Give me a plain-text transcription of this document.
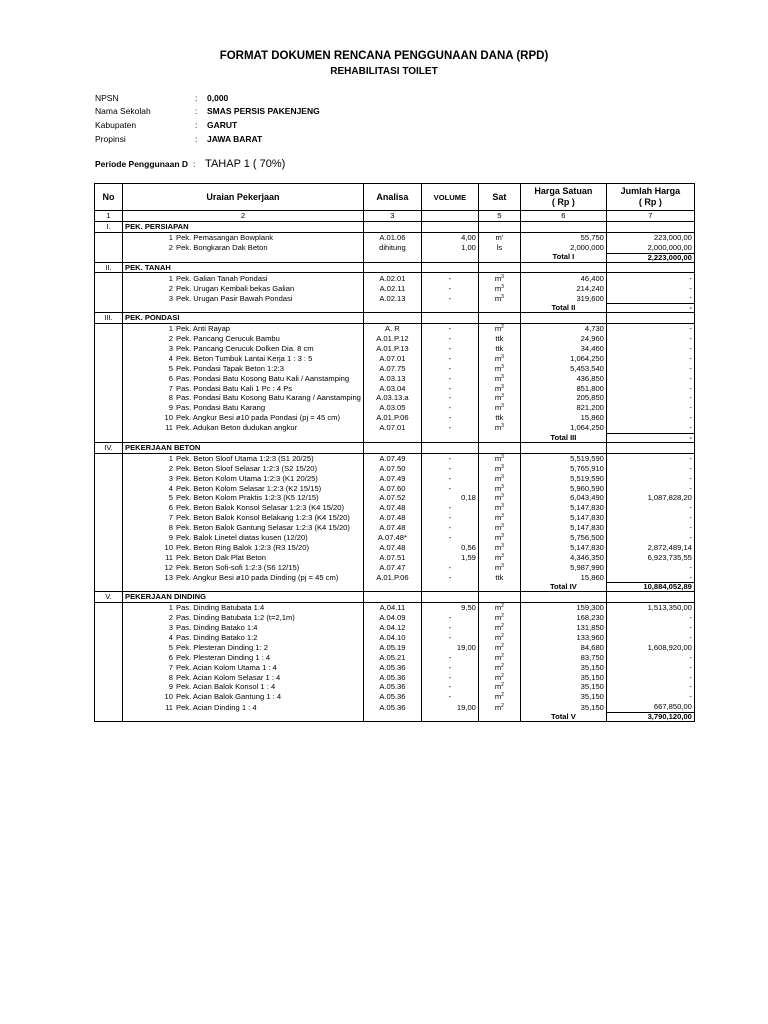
FORMAT DOKUMEN RENCANA PENGGUNAAN DANA (RPD)
REHABILITASI TOILET
NPSN	: 0,000
Nama Sekolah	: SMAS PERSIS PAKENJENG
Kabupaten	: GARUT
Propinsi	: JAWA BARAT
Periode Penggunaan D : TAHAP 1 ( 70%)
No	Uraian Pekerjaan	Analisa	VOLUME	Sat	Harga Satuan
( Rp )	Jumlah Harga
( Rp )
1	2	3		5	6	7
I.	PEK. PERSIAPAN					
	1 Pek. Pemasangan Bowplank	A.01.06	4,00	m'	55,750	223,000,00
	2 Pek. Bongkaran Dak Beton	dihitung	1,00	ls	2,000,000	2,000,000,00
					Total I	2,223,000,00
II.	PEK. TANAH					
	1 Pek. Galian Tanah Pondasi	A.02.01	-	$m^3$	46,400	-
	2 Pek. Urugan Kembali bekas Galian	A.02.11	-	$m^3$	214,240	-
	3 Pek. Urugan Pasir Bawah Pondasi	A.02.13	-	$m^3$	319,600	-
					Total II	-
III.	PEK. PONDASI					
	1 Pek. Anti Rayap	A. R	-	$m^2$	4,730	-
	2 Pek. Pancang Cerucuk Bambu	A.01.P.12	-	ttk	24,960	-
	3 Pek. Pancang Cerucuk Dolken Dia. 8 cm	A.01.P.13	-	ttk	34,460	-
	4 Pek. Beton Tumbuk Lantai Kerja 1 : 3 : 5	A.07.01	-	$m^3$	1,064,250	-
	5 Pek. Pondasi Tapak Beton 1:2:3	A.07.75	-	$m^3$	5,453,540	-
	6 Pas. Pondasi Batu Kosong Batu Kali / Aanstamping	A.03.13	-	$m^3$	436,850	-
	7 Pas. Pondasi Batu Kali 1 Pc : 4 Ps	A.03.04	-	$m^3$	851,800	-
	8 Pas. Pondasi Batu Kosong Batu Karang / Aanstamping	A.03.13.a	-	$m^3$	205,850	-
	9 Pas. Pondasi Batu Karang	A.03.05	-	$m^3$	821,200	-
	10 Pek. Angkur Besi ø10 pada Pondasi (pj = 45 cm)	A.01.P.06	-	ttk	15,860	-
	11 Pek. Adukan Beton dudukan angkur	A.07.01	-	$m^3$	1,064,250	-
					Total III	-
IV.	PEKERJAAN BETON					
	1 Pek. Beton Sloof Utama 1:2:3 (S1 20/25)	A.07.49	-	$m^3$	5,519,590	-
	2 Pek. Beton Sloof Selasar 1:2:3 (S2 15/20)	A.07.50	-	$m^3$	5,765,910	-
	3 Pek. Beton Kolom Utama 1:2:3 (K1 20/25)	A.07.49	-	$m^3$	5,519,590	-
	4 Pek. Beton Kolom Selasar 1:2:3 (K2 15/15)	A.07.60	-	$m^3$	5,960,590	-
	5 Pek. Beton Kolom Praktis 1:2:3 (K5 12/15)	A.07.52	0,18	$m^3$	6,043,490	1,087,828,20
	6 Pek. Beton Balok Konsol Selasar 1:2:3 (K4 15/20)	A.07.48	-	$m^3$	5,147,830	-
	7 Pek. Beton Balok Konsol Belakang 1:2:3 (K4 15/20)	A.07.48	-	$m^3$	5,147,830	-
	8 Pek. Beton Balok Gantung Selasar 1:2:3 (K4 15/20)	A.07.48	-	$m^3$	5,147,830	-
	9 Pek. Balok Linetel diatas kusen (12/20)	A.07.48*	-	$m^3$	5,756,500	-
	10 Pek. Beton Ring Balok 1:2:3 (R3 15/20)	A.07.48	0,56	$m^3$	5,147,830	2,872,489,14
	11 Pek. Beton Dak Plat Beton	A.07.51	1,59	$m^3$	4,346,350	6,923,735,55
	12 Pek. Beton Sofi-sofi 1:2:3 (S6 12/15)	A.07.47	-	$m^3$	5,987,990	-
	13 Pek. Angkur Besi ø10 pada Dinding (pj = 45 cm)	A.01.P.06	-	ttk	15,860	-
					Total IV	10,884,052,89
V.	PEKERJAAN DINDING					
	1 Pas. Dinding Batubata 1:4	A.04.11	9,50	$m^2$	159,300	1,513,350,00
	2 Pas. Dinding Batubata 1:2 (t=2,1m)	A.04.09	-	$m^2$	168,230	-
	3 Pas. Dinding Batako 1:4	A.04.12	-	$m^2$	131,850	-
	4 Pas. Dinding Batako 1:2	A.04.10	-	$m^2$	133,960	-
	5 Pek. Plesteran Dinding 1: 2	A.05.19	19,00	$m^2$	84,680	1,608,920,00
	6 Pek. Plesteran Dinding 1 : 4	A.05.21	-	$m^2$	83,750	-
	7 Pek. Acian Kolom Utama 1 : 4	A.05.36	-	$m^2$	35,150	-
	8 Pek. Acian Kolom Selasar 1 : 4	A.05.36	-	$m^2$	35,150	-
	9 Pek. Acian Balok Konsol 1 : 4	A.05.36	-	$m^2$	35,150	-
	10 Pek. Acian Balok Gantung 1 : 4	A.05.36	-	$m^2$	35,150	-
	11 Pek. Acian Dinding 1 : 4	A.05.36	19,00	$m^2$	35,150	667,850,00
					Total V	3,790,120,00
